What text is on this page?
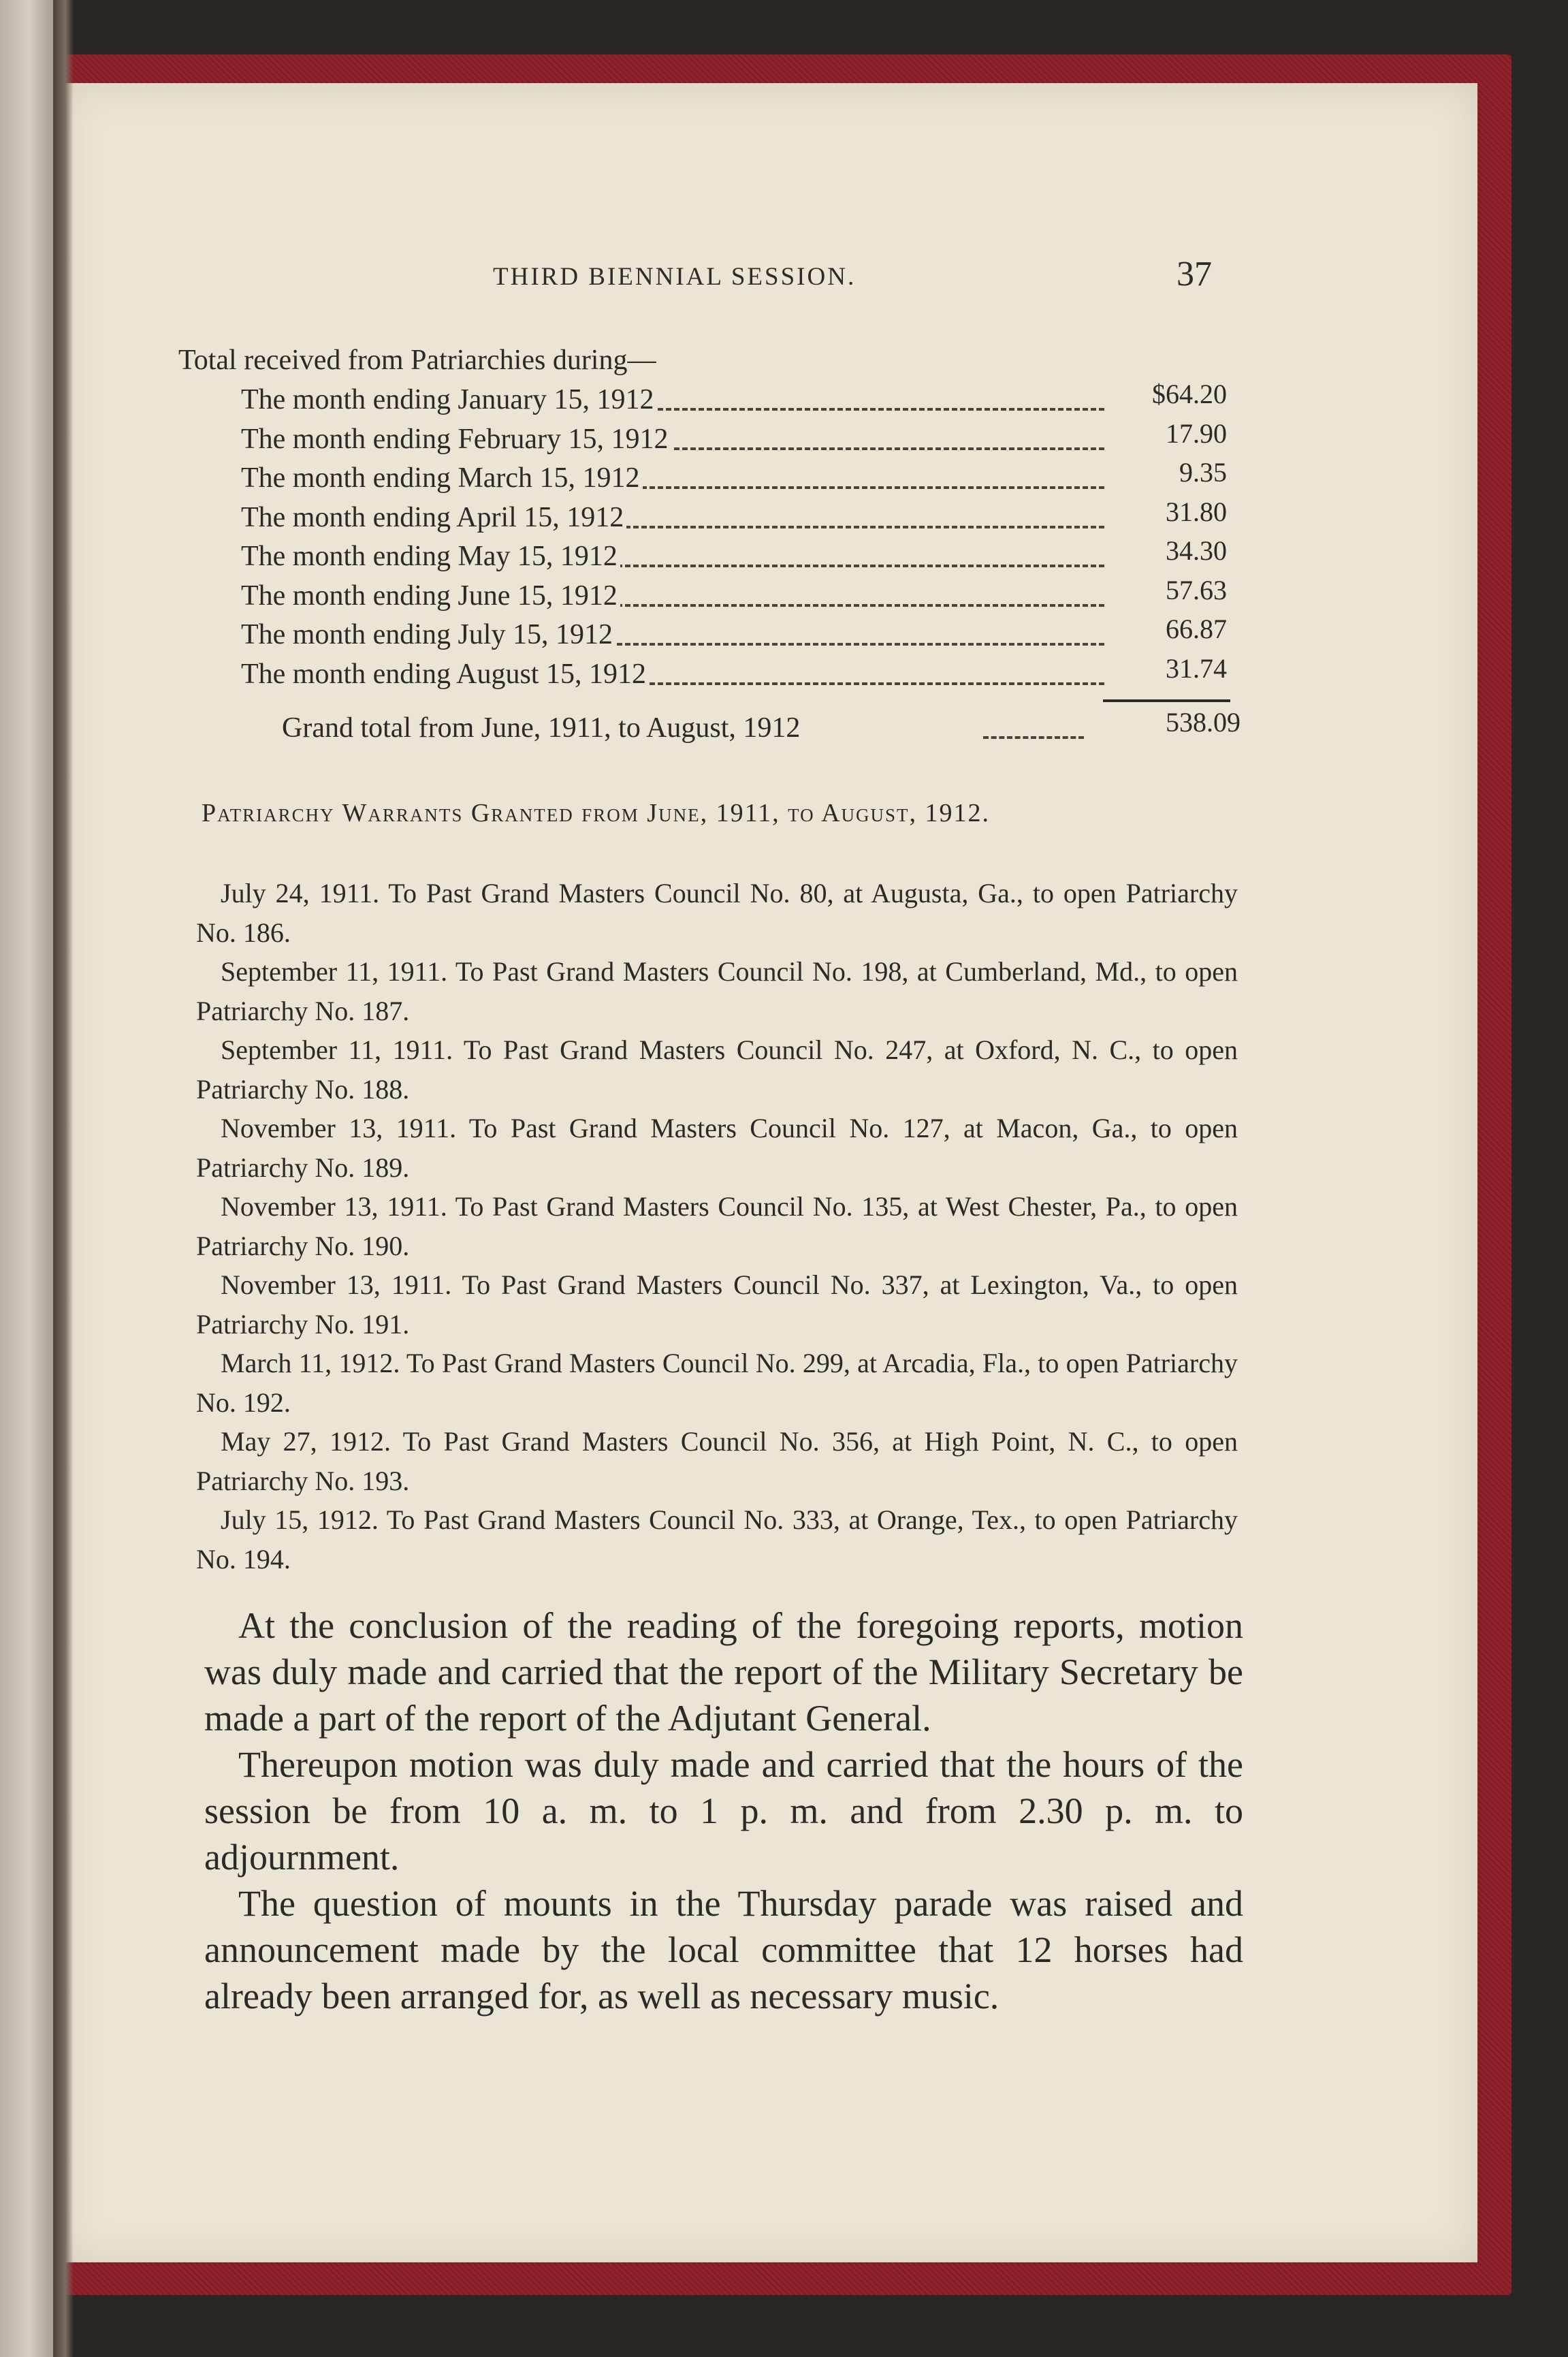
THIRD BIENNIAL SESSION.	37
Total received from Patriarchies during—
The month ending January 15, 1912	$64.20
The month ending February 15, 1912	17.90
The month ending March 15, 1912	9.35
The month ending April 15, 1912	31.80
The month ending May 15, 1912	34.30
The month ending June 15, 1912	57.63
The month ending July 15, 1912	66.87
The month ending August 15, 1912	31.74
Grand total from June, 1911, to August, 1912	538.09
Patriarchy Warrants Granted from June, 1911, to August, 1912.

July 24, 1911. To Past Grand Masters Council No. 80, at Augusta, Ga., to open Patriarchy No. 186.

September 11, 1911. To Past Grand Masters Council No. 198, at Cumberland, Md., to open Patriarchy No. 187.

September 11, 1911. To Past Grand Masters Council No. 247, at Oxford, N. C., to open Patriarchy No. 188.

November 13, 1911. To Past Grand Masters Council No. 127, at Macon, Ga., to open Patriarchy No. 189.

November 13, 1911. To Past Grand Masters Council No. 135, at West Chester, Pa., to open Patriarchy No. 190.

November 13, 1911. To Past Grand Masters Council No. 337, at Lexington, Va., to open Patriarchy No. 191.

March 11, 1912. To Past Grand Masters Council No. 299, at Arcadia, Fla., to open Patriarchy No. 192.

May 27, 1912. To Past Grand Masters Council No. 356, at High Point, N. C., to open Patriarchy No. 193.

July 15, 1912. To Past Grand Masters Council No. 333, at Orange, Tex., to open Patriarchy No. 194.

At the conclusion of the reading of the foregoing reports, motion was duly made and carried that the report of the Military Secretary be made a part of the report of the Adjutant General.

Thereupon motion was duly made and carried that the hours of the session be from 10 a. m. to 1 p. m. and from 2.30 p. m. to adjournment.

The question of mounts in the Thursday parade was raised and announcement made by the local committee that 12 horses had already been arranged for, as well as necessary music.
